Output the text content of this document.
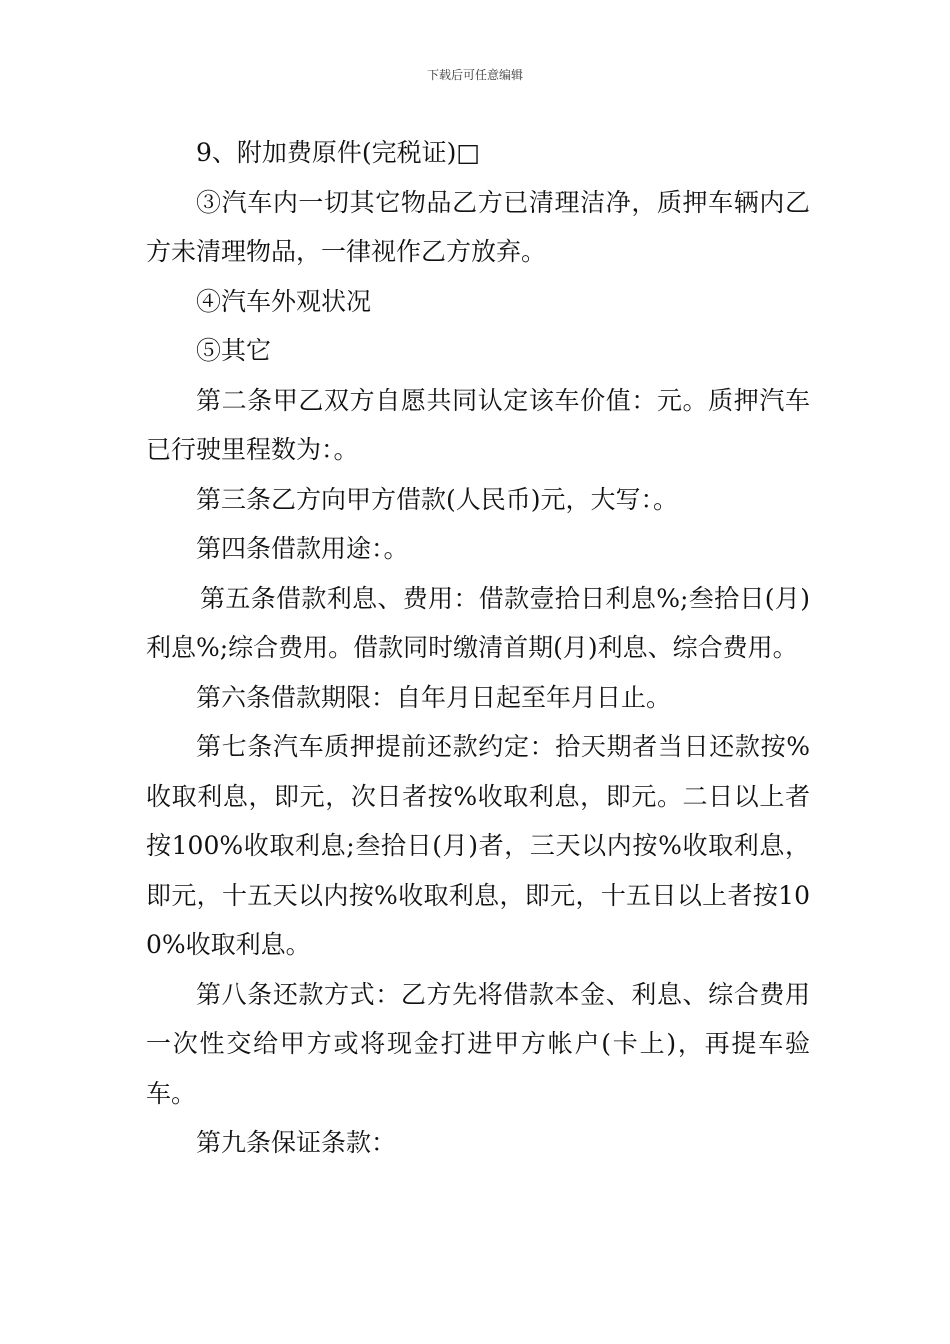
下载后可任意编辑

9、附加费原件(完税证)□

③汽车内一切其它物品乙方已清理洁净，质押车辆内乙方未清理物品，一律视作乙方放弃。

④汽车外观状况

⑤其它

第二条甲乙双方自愿共同认定该车价值：元。质押汽车已行驶里程数为：。

第三条乙方向甲方借款(人民币)元，大写：。

第四条借款用途：。

第五条借款利息、费用：借款壹拾日利息%;叁拾日(月)利息%;综合费用。借款同时缴清首期(月)利息、综合费用。

第六条借款期限：自年月日起至年月日止。

第七条汽车质押提前还款约定：拾天期者当日还款按%收取利息，即元，次日者按%收取利息，即元。二日以上者按100%收取利息;叁拾日(月)者，三天以内按%收取利息，即元，十五天以内按%收取利息，即元，十五日以上者按100%收取利息。

第八条还款方式：乙方先将借款本金、利息、综合费用一次性交给甲方或将现金打进甲方帐户(卡上)，再提车验车。

第九条保证条款：
